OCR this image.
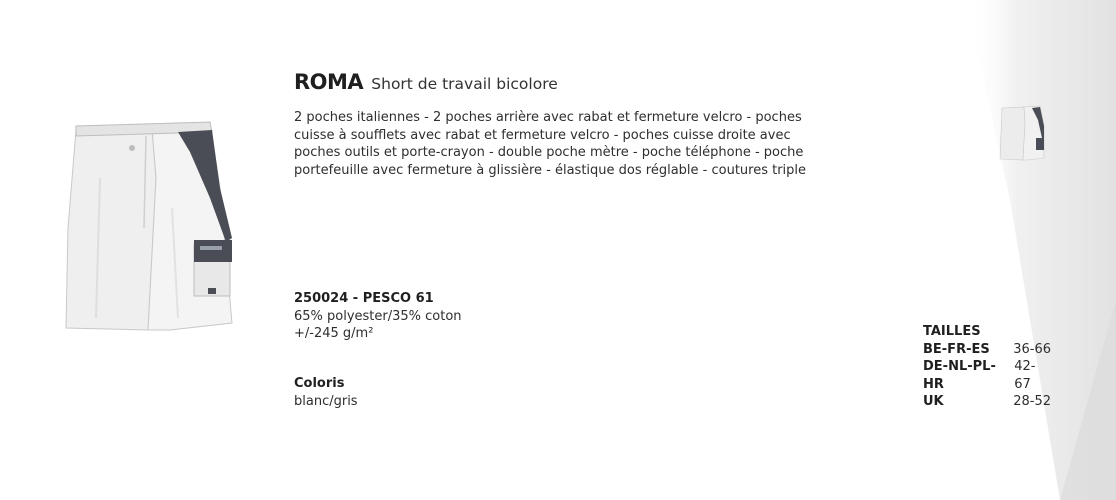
ROMA Short de travail bicolore
2 poches italiennes - 2 poches arrière avec rabat et fermeture velcro - poches cuisse à soufflets avec rabat et fermeture velcro - poches cuisse droite avec poches outils et porte-crayon - double poche mètre - poche téléphone - poche portefeuille avec fermeture à glissière - élastique dos réglable - coutures triple
250024 - PESCO 61
65% polyester/35% coton
+/-245 g/m²
Coloris
blanc/gris
TAILLES
BE-FR-ES 36-66
DE-NL-PL-HR
42-67
UK	28-52
